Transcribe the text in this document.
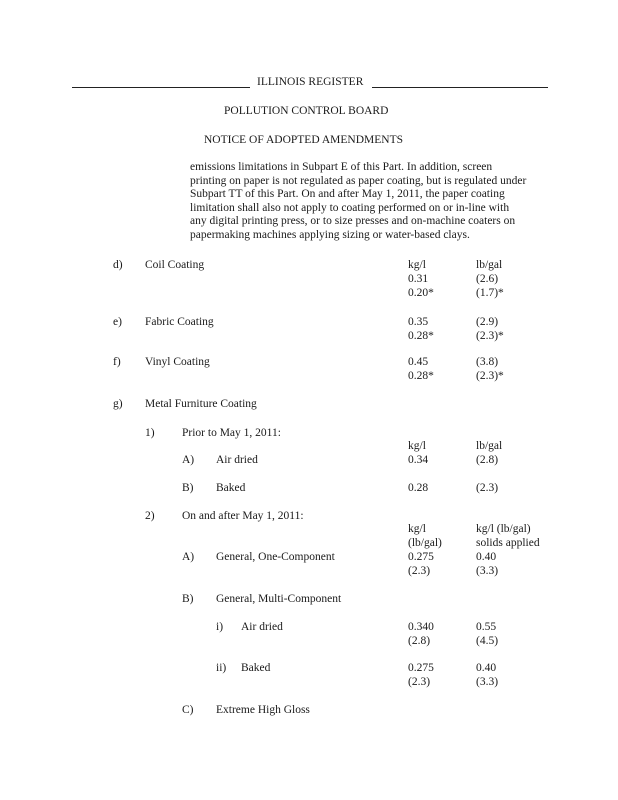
ILLINOIS REGISTER
POLLUTION CONTROL BOARD
NOTICE OF ADOPTED AMENDMENTS
emissions limitations in Subpart E of this Part. In addition, screen
printing on paper is not regulated as paper coating, but is regulated under
Subpart TT of this Part. On and after May 1, 2011, the paper coating
limitation shall also not apply to coating performed on or in-line with
any digital printing press, or to size presses and on-machine coaters on
papermaking machines applying sizing or water-based clays.
d) Coil Coating	kg/l	lb/gal
0.31	(2.6)
0.20*	(1.7)*
e) Fabric Coating	0.35	(2.9)
0.28*	(2.3)*
f) Vinyl Coating	0.45	(3.8)
0.28*	(2.3)*
g) Metal Furniture Coating
1) Prior to May 1, 2011:
kg/l	lb/gal
A) Air dried	0.34	(2.8)
B) Baked	0.28	(2.3)
2) On and after May 1, 2011:
kg/l	kg/l (lb/gal)
(lb/gal)	solids applied
A) General, One-Component	0.275	0.40
(2.3)	(3.3)
B) General, Multi-Component
i) Air dried	0.340	0.55
(2.8)	(4.5)
ii) Baked	0.275	0.40
(2.3)	(3.3)
C) Extreme High Gloss
